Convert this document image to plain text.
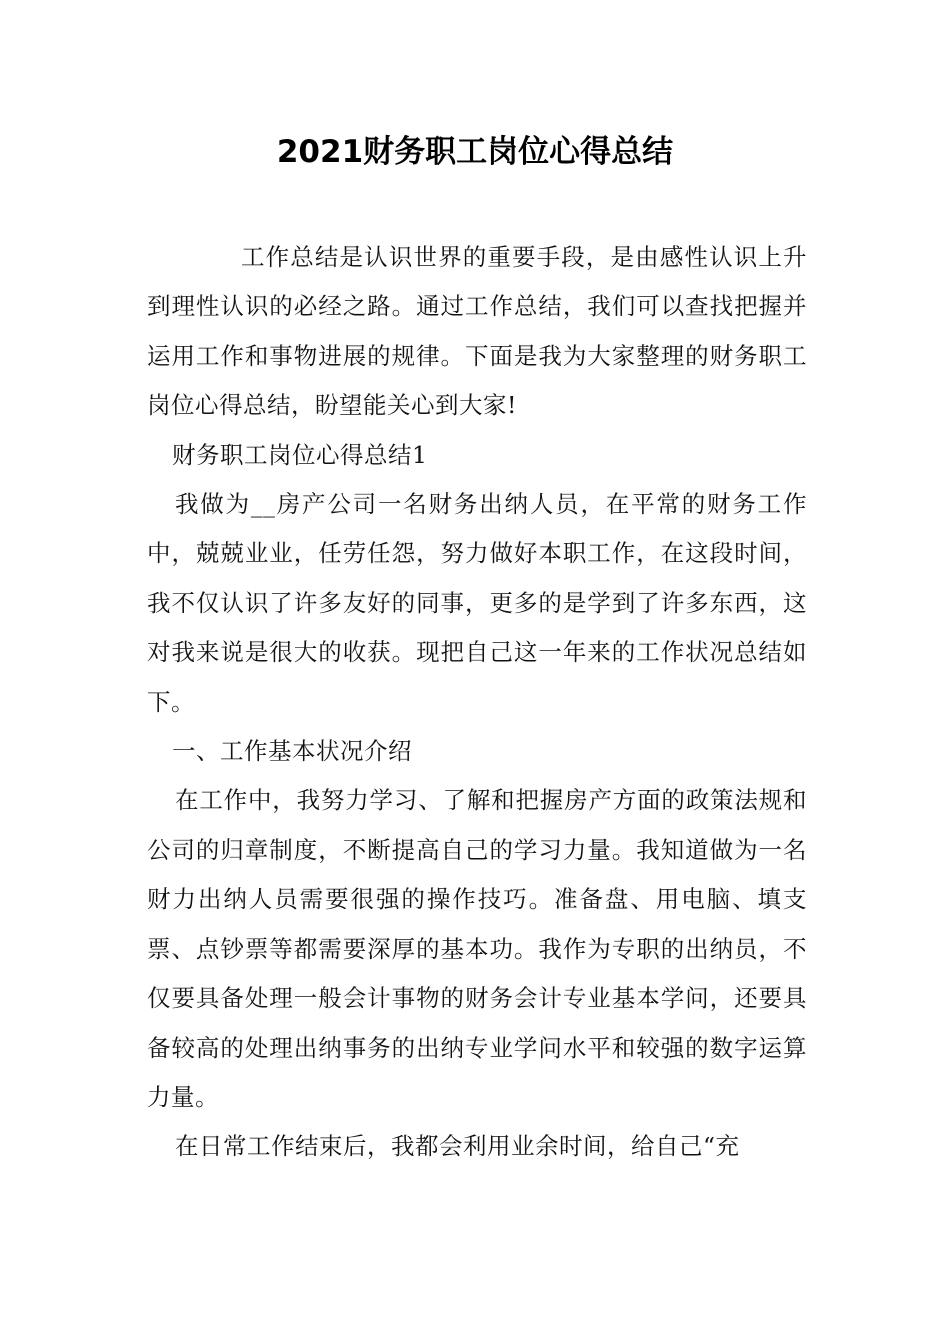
2021财务职工岗位心得总结

工作总结是认识世界的重要手段，是由感性认识上升到理性认识的必经之路。通过工作总结，我们可以查找把握并运用工作和事物进展的规律。下面是我为大家整理的财务职工岗位心得总结，盼望能关心到大家!

财务职工岗位心得总结1

我做为__房产公司一名财务出纳人员，在平常的财务工作中，兢兢业业，任劳任怨，努力做好本职工作，在这段时间，我不仅认识了许多友好的同事，更多的是学到了许多东西，这对我来说是很大的收获。现把自己这一年来的工作状况总结如下。

一、工作基本状况介绍

在工作中，我努力学习、了解和把握房产方面的政策法规和公司的归章制度，不断提高自己的学习力量。我知道做为一名财力出纳人员需要很强的操作技巧。准备盘、用电脑、填支票、点钞票等都需要深厚的基本功。我作为专职的出纳员，不仅要具备处理一般会计事物的财务会计专业基本学问，还要具备较高的处理出纳事务的出纳专业学问水平和较强的数字运算力量。

在日常工作结束后，我都会利用业余时间，给自己“充
